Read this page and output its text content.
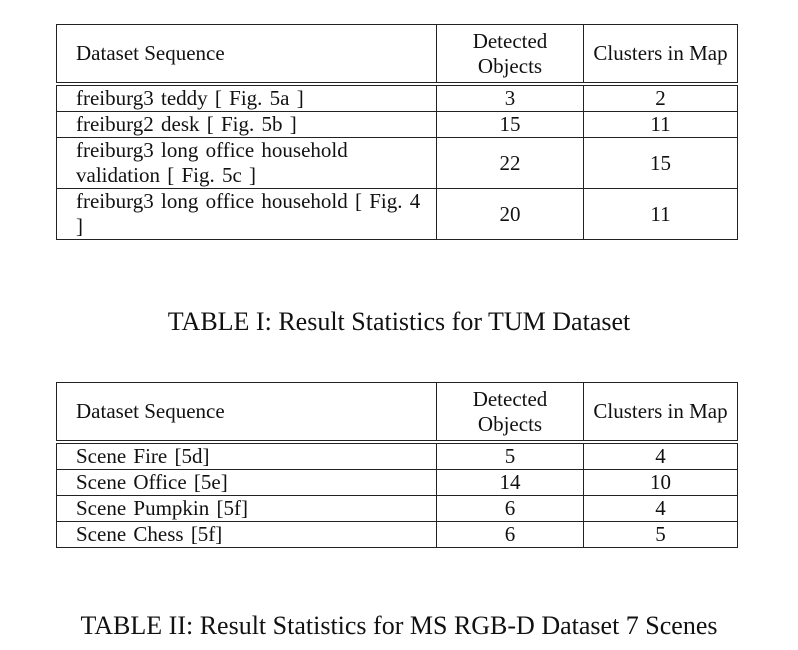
Dataset Sequence	Detected Objects	Clusters in Map
freiburg3 teddy [ Fig. 5a ]	3	2
freiburg2 desk [ Fig. 5b ]	15	11
freiburg3 long office household validation [ Fig. 5c ]	22	15
freiburg3 long office household [ Fig. 4 ]	20	11
TABLE I: Result Statistics for TUM Dataset
Dataset Sequence	Detected Objects	Clusters in Map
Scene Fire [5d]	5	4
Scene Office [5e]	14	10
Scene Pumpkin [5f]	6	4
Scene Chess [5f]	6	5
TABLE II: Result Statistics for MS RGB-D Dataset 7 Scenes
